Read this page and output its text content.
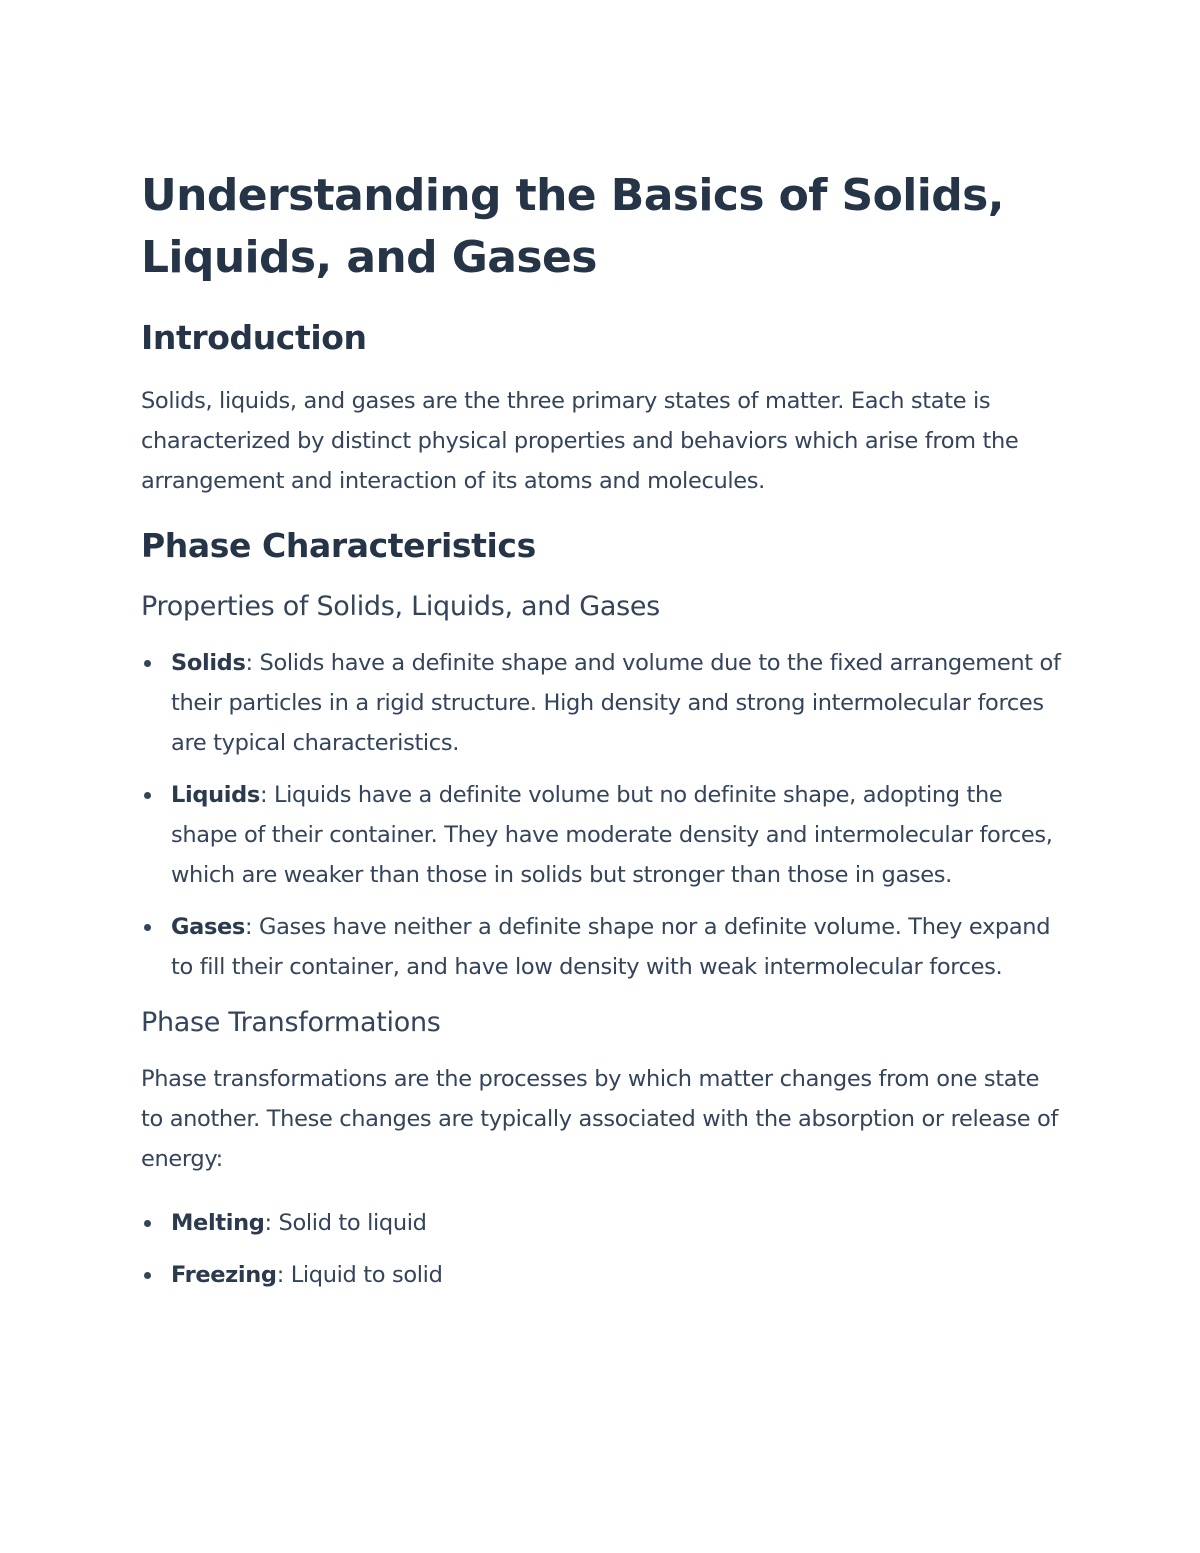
Understanding the Basics of Solids, Liquids, and Gases
Introduction

Solids, liquids, and gases are the three primary states of matter. Each state is characterized by distinct physical properties and behaviors which arise from the arrangement and interaction of its atoms and molecules.

Phase Characteristics
Properties of Solids, Liquids, and Gases
Solids: Solids have a definite shape and volume due to the fixed arrangement of their particles in a rigid structure. High density and strong intermolecular forces are typical characteristics.
Liquids: Liquids have a definite volume but no definite shape, adopting the shape of their container. They have moderate density and intermolecular forces, which are weaker than those in solids but stronger than those in gases.
Gases: Gases have neither a definite shape nor a definite volume. They expand to fill their container, and have low density with weak intermolecular forces.
Phase Transformations

Phase transformations are the processes by which matter changes from one state to another. These changes are typically associated with the absorption or release of energy:

Melting: Solid to liquid
Freezing: Liquid to solid
